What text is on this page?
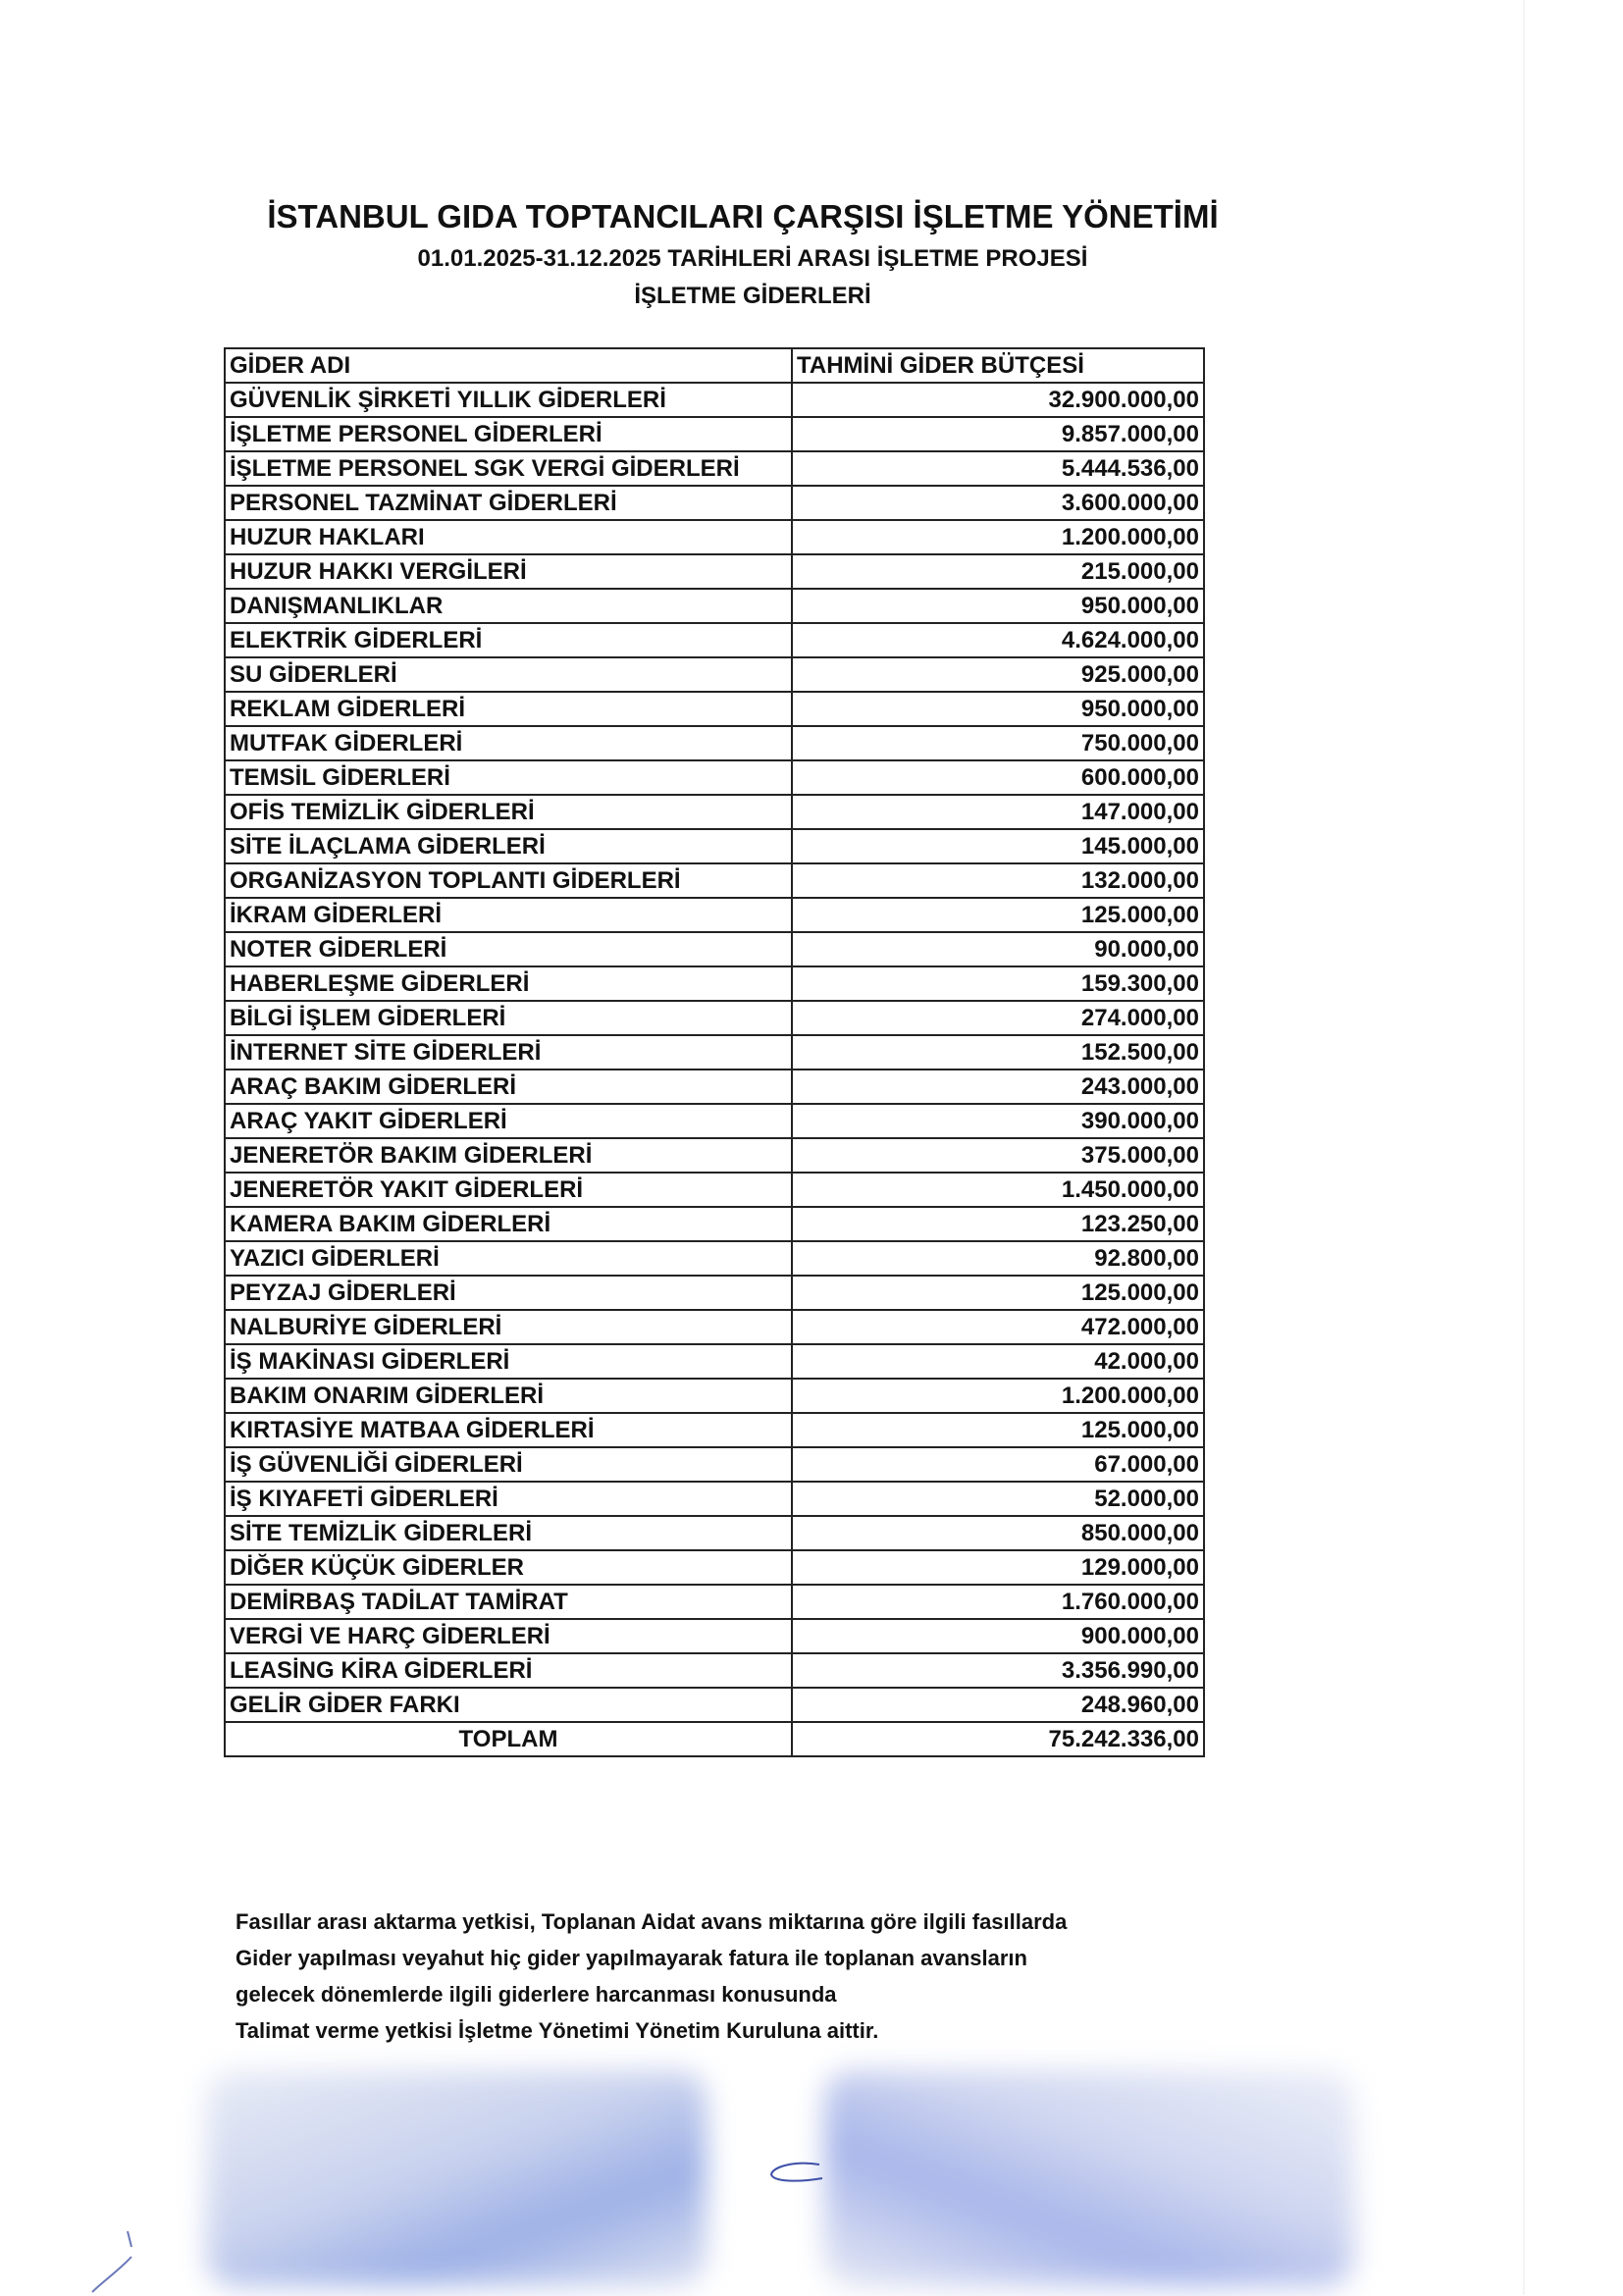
İSTANBUL GIDA TOPTANCILARI ÇARŞISI İŞLETME YÖNETİMİ
01.01.2025-31.12.2025 TARİHLERİ ARASI İŞLETME PROJESİ
İŞLETME GİDERLERİ
GİDER ADI	TAHMİNİ GİDER BÜTÇESİ
GÜVENLİK ŞİRKETİ YILLIK GİDERLERİ	32.900.000,00
İŞLETME PERSONEL GİDERLERİ	9.857.000,00
İŞLETME PERSONEL SGK VERGİ GİDERLERİ	5.444.536,00
PERSONEL TAZMİNAT GİDERLERİ	3.600.000,00
HUZUR HAKLARI	1.200.000,00
HUZUR HAKKI VERGİLERİ	215.000,00
DANIŞMANLIKLAR	950.000,00
ELEKTRİK GİDERLERİ	4.624.000,00
SU GİDERLERİ	925.000,00
REKLAM GİDERLERİ	950.000,00
MUTFAK GİDERLERİ	750.000,00
TEMSİL GİDERLERİ	600.000,00
OFİS TEMİZLİK GİDERLERİ	147.000,00
SİTE İLAÇLAMA GİDERLERİ	145.000,00
ORGANİZASYON TOPLANTI GİDERLERİ	132.000,00
İKRAM GİDERLERİ	125.000,00
NOTER GİDERLERİ	90.000,00
HABERLEŞME GİDERLERİ	159.300,00
BİLGİ İŞLEM GİDERLERİ	274.000,00
İNTERNET SİTE GİDERLERİ	152.500,00
ARAÇ BAKIM GİDERLERİ	243.000,00
ARAÇ YAKIT GİDERLERİ	390.000,00
JENERETÖR BAKIM GİDERLERİ	375.000,00
JENERETÖR YAKIT GİDERLERİ	1.450.000,00
KAMERA BAKIM GİDERLERİ	123.250,00
YAZICI GİDERLERİ	92.800,00
PEYZAJ GİDERLERİ	125.000,00
NALBURİYE GİDERLERİ	472.000,00
İŞ MAKİNASI GİDERLERİ	42.000,00
BAKIM ONARIM GİDERLERİ	1.200.000,00
KIRTASİYE MATBAA GİDERLERİ	125.000,00
İŞ GÜVENLİĞİ GİDERLERİ	67.000,00
İŞ KIYAFETİ GİDERLERİ	52.000,00
SİTE TEMİZLİK GİDERLERİ	850.000,00
DİĞER KÜÇÜK GİDERLER	129.000,00
DEMİRBAŞ TADİLAT TAMİRAT	1.760.000,00
VERGİ VE HARÇ GİDERLERİ	900.000,00
LEASİNG KİRA GİDERLERİ	3.356.990,00
GELİR GİDER FARKI	248.960,00
TOPLAM	75.242.336,00
Fasıllar arası aktarma yetkisi, Toplanan Aidat avans miktarına göre ilgili fasıllarda
Gider yapılması veyahut hiç gider yapılmayarak fatura ile toplanan avansların
gelecek dönemlerde ilgili giderlere harcanması konusunda
Talimat verme yetkisi İşletme Yönetimi Yönetim Kuruluna aittir.
